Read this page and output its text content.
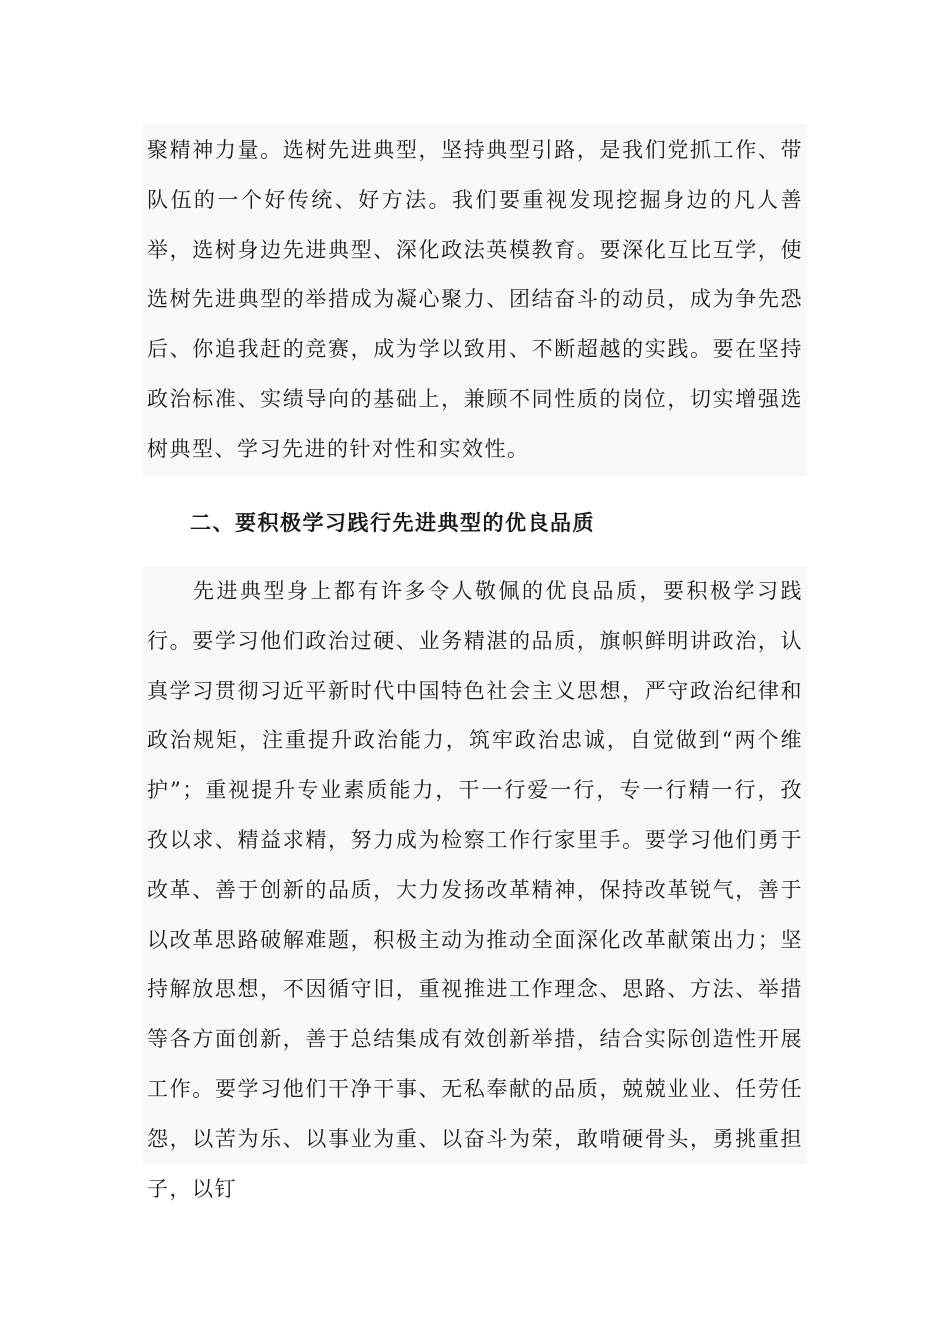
聚精神力量。选树先进典型，坚持典型引路，是我们党抓工作、带队伍的一个好传统、好方法。我们要重视发现挖掘身边的凡人善举，选树身边先进典型、深化政法英模教育。要深化互比互学，使选树先进典型的举措成为凝心聚力、团结奋斗的动员，成为争先恐后、你追我赶的竞赛，成为学以致用、不断超越的实践。要在坚持政治标准、实绩导向的基础上，兼顾不同性质的岗位，切实增强选树典型、学习先进的针对性和实效性。

二、要积极学习践行先进典型的优良品质

先进典型身上都有许多令人敬佩的优良品质，要积极学习践行。要学习他们政治过硬、业务精湛的品质，旗帜鲜明讲政治，认真学习贯彻习近平新时代中国特色社会主义思想，严守政治纪律和政治规矩，注重提升政治能力，筑牢政治忠诚，自觉做到“两个维护”；重视提升专业素质能力，干一行爱一行，专一行精一行，孜孜以求、精益求精，努力成为检察工作行家里手。要学习他们勇于改革、善于创新的品质，大力发扬改革精神，保持改革锐气，善于以改革思路破解难题，积极主动为推动全面深化改革献策出力；坚持解放思想，不因循守旧，重视推进工作理念、思路、方法、举措等各方面创新，善于总结集成有效创新举措，结合实际创造性开展工作。要学习他们干净干事、无私奉献的品质，兢兢业业、任劳任怨，以苦为乐、以事业为重、以奋斗为荣，敢啃硬骨头，勇挑重担子，以钉
